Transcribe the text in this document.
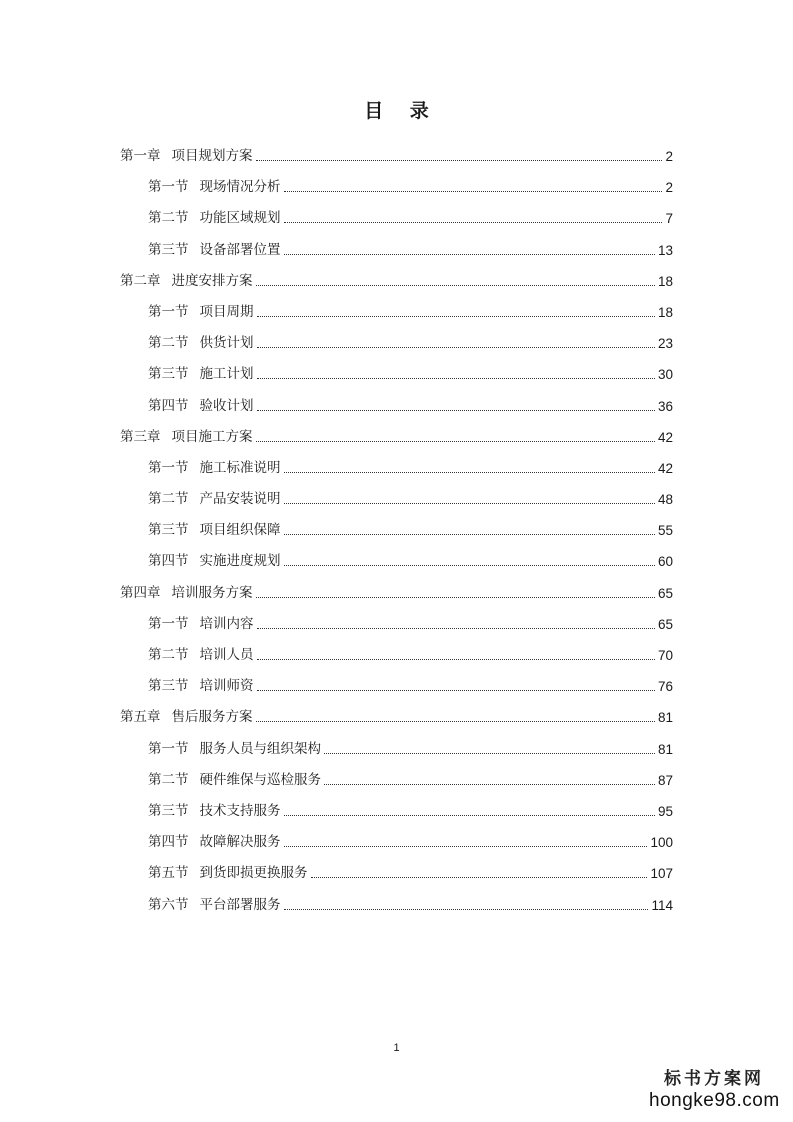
目 录
第一章 项目规划方案	2
第一节 现场情况分析	2
第二节 功能区域规划	7
第三节 设备部署位置	13
第二章 进度安排方案	18
第一节 项目周期	18
第二节 供货计划	23
第三节 施工计划	30
第四节 验收计划	36
第三章 项目施工方案	42
第一节 施工标准说明	42
第二节 产品安装说明	48
第三节 项目组织保障	55
第四节 实施进度规划	60
第四章 培训服务方案	65
第一节 培训内容	65
第二节 培训人员	70
第三节 培训师资	76
第五章 售后服务方案	81
第一节 服务人员与组织架构	81
第二节 硬件维保与巡检服务	87
第三节 技术支持服务	95
第四节 故障解决服务	100
第五节 到货即损更换服务	107
第六节 平台部署服务	114
1
标书方案网
hongke98.com
